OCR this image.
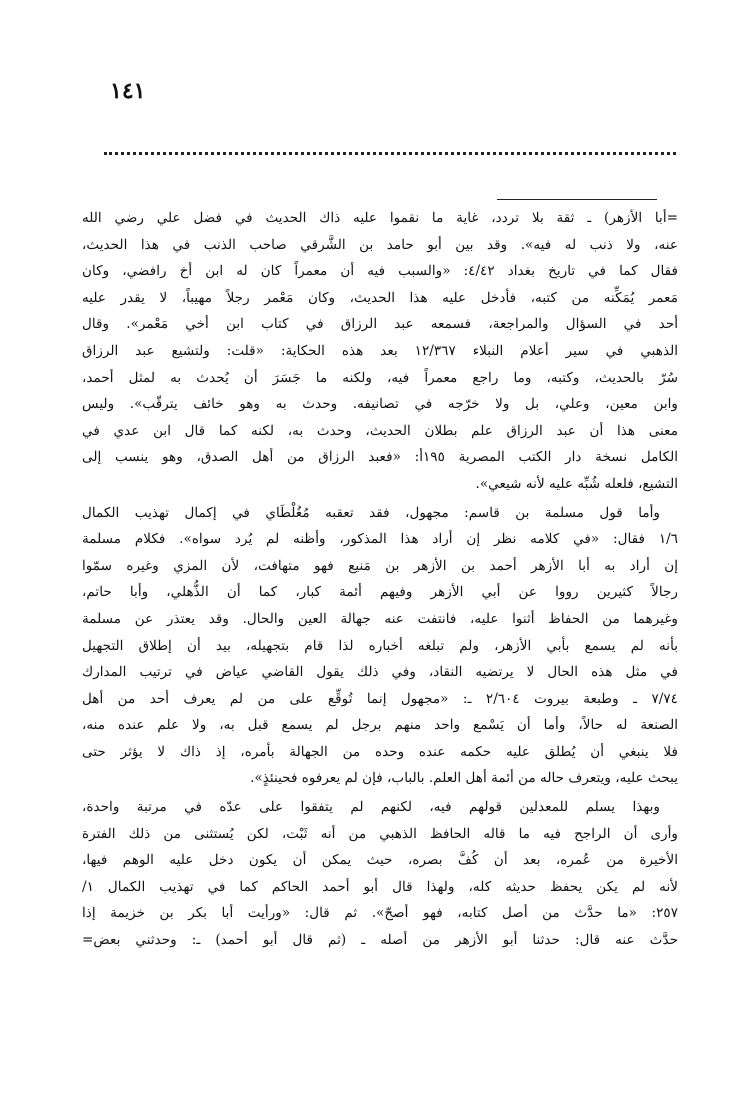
١٤١
=أبا الأزهر) ـ ثقة بلا تردد، غاية ما نقموا عليه ذاك الحديث في فضل علي رضي الله
عنه، ولا ذنب له فيه». وقد بين أبو حامد بن الشَّرقي صاحب الذنب في هذا الحديث،
فقال كما في تاريخ بغداد ٤/٤٢: «والسبب فيه أن معمراً كان له ابن أخ رافضي، وكان
مَعمر يُمَكِّنه من كتبه، فأدخل عليه هذا الحديث، وكان مَعْمر رجلاً مهيباً، لا يقدر عليه
أحد في السؤال والمراجعة، فسمعه عبد الرزاق في كتاب ابن أخي مَعْمر». وقال
الذهبي في سير أعلام النبلاء ١٢/٣٦٧ بعد هذه الحكاية: «قلت: ولتشيع عبد الرزاق
سُرّ بالحديث، وكتبه، وما راجع معمراً فيه، ولكنه ما جَسَرَ أن يُحدث به لمثل أحمد،
وابن معين، وعلي، بل ولا خرّجه في تصانيفه. وحدث به وهو خائف يترقّب». وليس
معنى هذا أن عبد الرزاق علم بطلان الحديث، وحدث به، لكنه كما قال ابن عدي في
الكامل نسخة دار الكتب المصرية ١٩٥أ: «فعبد الرزاق من أهل الصدق، وهو ينسب إلى
التشيع، فلعله شُبِّه عليه لأنه شيعي».
وأما قول مسلمة بن قاسم: مجهول، فقد تعقبه مُغُلْطَاي في إكمال تهذيب الكمال
١/٦ فقال: «في كلامه نظر إن أراد هذا المذكور، وأظنه لم يُرد سواه». فكلام مسلمة
إن أراد به أبا الأزهر أحمد بن الأزهر بن مَنيع فهو متهافت، لأن المزي وغيره سمّوا
رجالاً كثيرين رووا عن أبي الأزهر وفيهم أئمة كبار، كما أن الذُّهلي، وأبا حاتم،
وغيرهما من الحفاظ أثنوا عليه، فانتفت عنه جهالة العين والحال. وقد يعتذر عن مسلمة
بأنه لم يسمع بأبي الأزهر، ولم تبلغه أخباره لذا قام بتجهيله، بيد أن إطلاق التجهيل
في مثل هذه الحال لا يرتضيه النقاد، وفي ذلك يقول القاضي عياض في ترتيب المدارك
٧/٧٤ ـ وطبعة بيروت ٢/٦٠٤ ـ: «مجهول إنما تُوقِّع على من لم يعرف أحد من أهل
الصنعة له حالاً، وأما أن يَسْمع واحد منهم برجل لم يسمع قبل به، ولا علم عنده منه،
فلا ينبغي أن يُطلق عليه حكمه عنده وحده من الجهالة بأمره، إذ ذاك لا يؤثر حتى
يبحث عليه، ويتعرف حاله من أئمة أهل العلم. بالباب، فإن لم يعرفوه فحينئذٍ».
وبهذا يسلم للمعدلين قولهم فيه، لكنهم لم يتفقوا على عدّه في مرتبة واحدة،
وأرى أن الراجح فيه ما قاله الحافظ الذهبي من أنه ثَبْت، لكن يُستثنى من ذلك الفترة
الأخيرة من عُمره، بعد أن كُفَّ بصره، حيث يمكن أن يكون دخل عليه الوهم فيها،
لأنه لم يكن يحفظ حديثه كله، ولهذا قال أبو أحمد الحاكم كما في تهذيب الكمال ١/
٢٥٧: «ما حدَّث من أصل كتابه، فهو أصحّ». ثم قال: «ورأيت أبا بكر بن خزيمة إذا
حدَّث عنه قال: حدثنا أبو الأزهر من أصله ـ (ثم قال أبو أحمد) ـ: وحدثني بعض=
